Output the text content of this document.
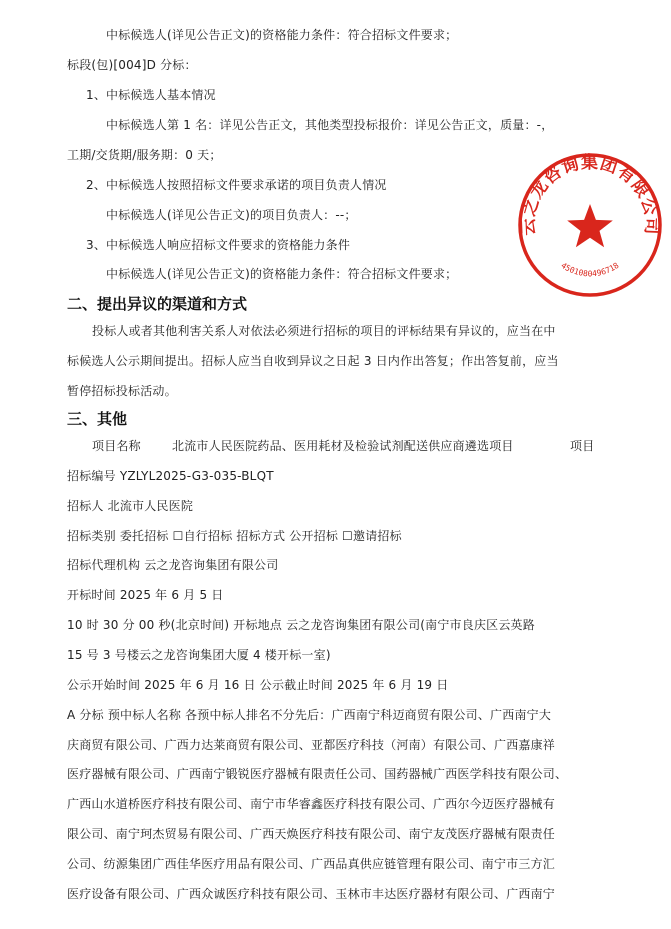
中标候选人(详见公告正文)的资格能力条件：符合招标文件要求；
标段(包)[004]D 分标：
1、中标候选人基本情况
中标候选人第 1 名：详见公告正文，其他类型投标报价：详见公告正文，质量：-，
工期/交货期/服务期：0 天；
2、中标候选人按照招标文件要求承诺的项目负责人情况
中标候选人(详见公告正文)的项目负责人：--；
3、中标候选人响应招标文件要求的资格能力条件
中标候选人(详见公告正文)的资格能力条件：符合招标文件要求；
二、提出异议的渠道和方式
投标人或者其他利害关系人对依法必须进行招标的项目的评标结果有异议的，应当在中
标候选人公示期间提出。招标人应当自收到异议之日起 3 日内作出答复；作出答复前，应当
暂停招标投标活动。
三、其他
项目名称	北流市人民医院药品、医用耗材及检验试剂配送供应商遴选项目	项目
招标编号 YZLYL2025-G3-035-BLQT
招标人 北流市人民医院
招标类别 委托招标 ☐自行招标 招标方式 公开招标 ☐邀请招标
招标代理机构 云之龙咨询集团有限公司
开标时间 2025 年 6 月 5 日
10 时 30 分 00 秒(北京时间) 开标地点 云之龙咨询集团有限公司(南宁市良庆区云英路
15 号 3 号楼云之龙咨询集团大厦 4 楼开标一室)
公示开始时间 2025 年 6 月 16 日 公示截止时间 2025 年 6 月 19 日
A 分标 预中标人名称 各预中标人排名不分先后：广西南宁科迈商贸有限公司、广西南宁大
庆商贸有限公司、广西力达莱商贸有限公司、亚都医疗科技（河南）有限公司、广西嘉康祥
医疗器械有限公司、广西南宁锻锐医疗器械有限责任公司、国药器械广西医学科技有限公司、
广西山水道桥医疗科技有限公司、南宁市华睿鑫医疗科技有限公司、广西尔今迈医疗器械有
限公司、南宁珂杰贸易有限公司、广西天焕医疗科技有限公司、南宁友茂医疗器械有限责任
公司、纺源集团广西佳华医疗用品有限公司、广西品真供应链管理有限公司、南宁市三方汇
医疗设备有限公司、广西众诚医疗科技有限公司、玉林市丰达医疗器材有限公司、广西南宁
云之龙咨询集团有限公司
4501080496718
